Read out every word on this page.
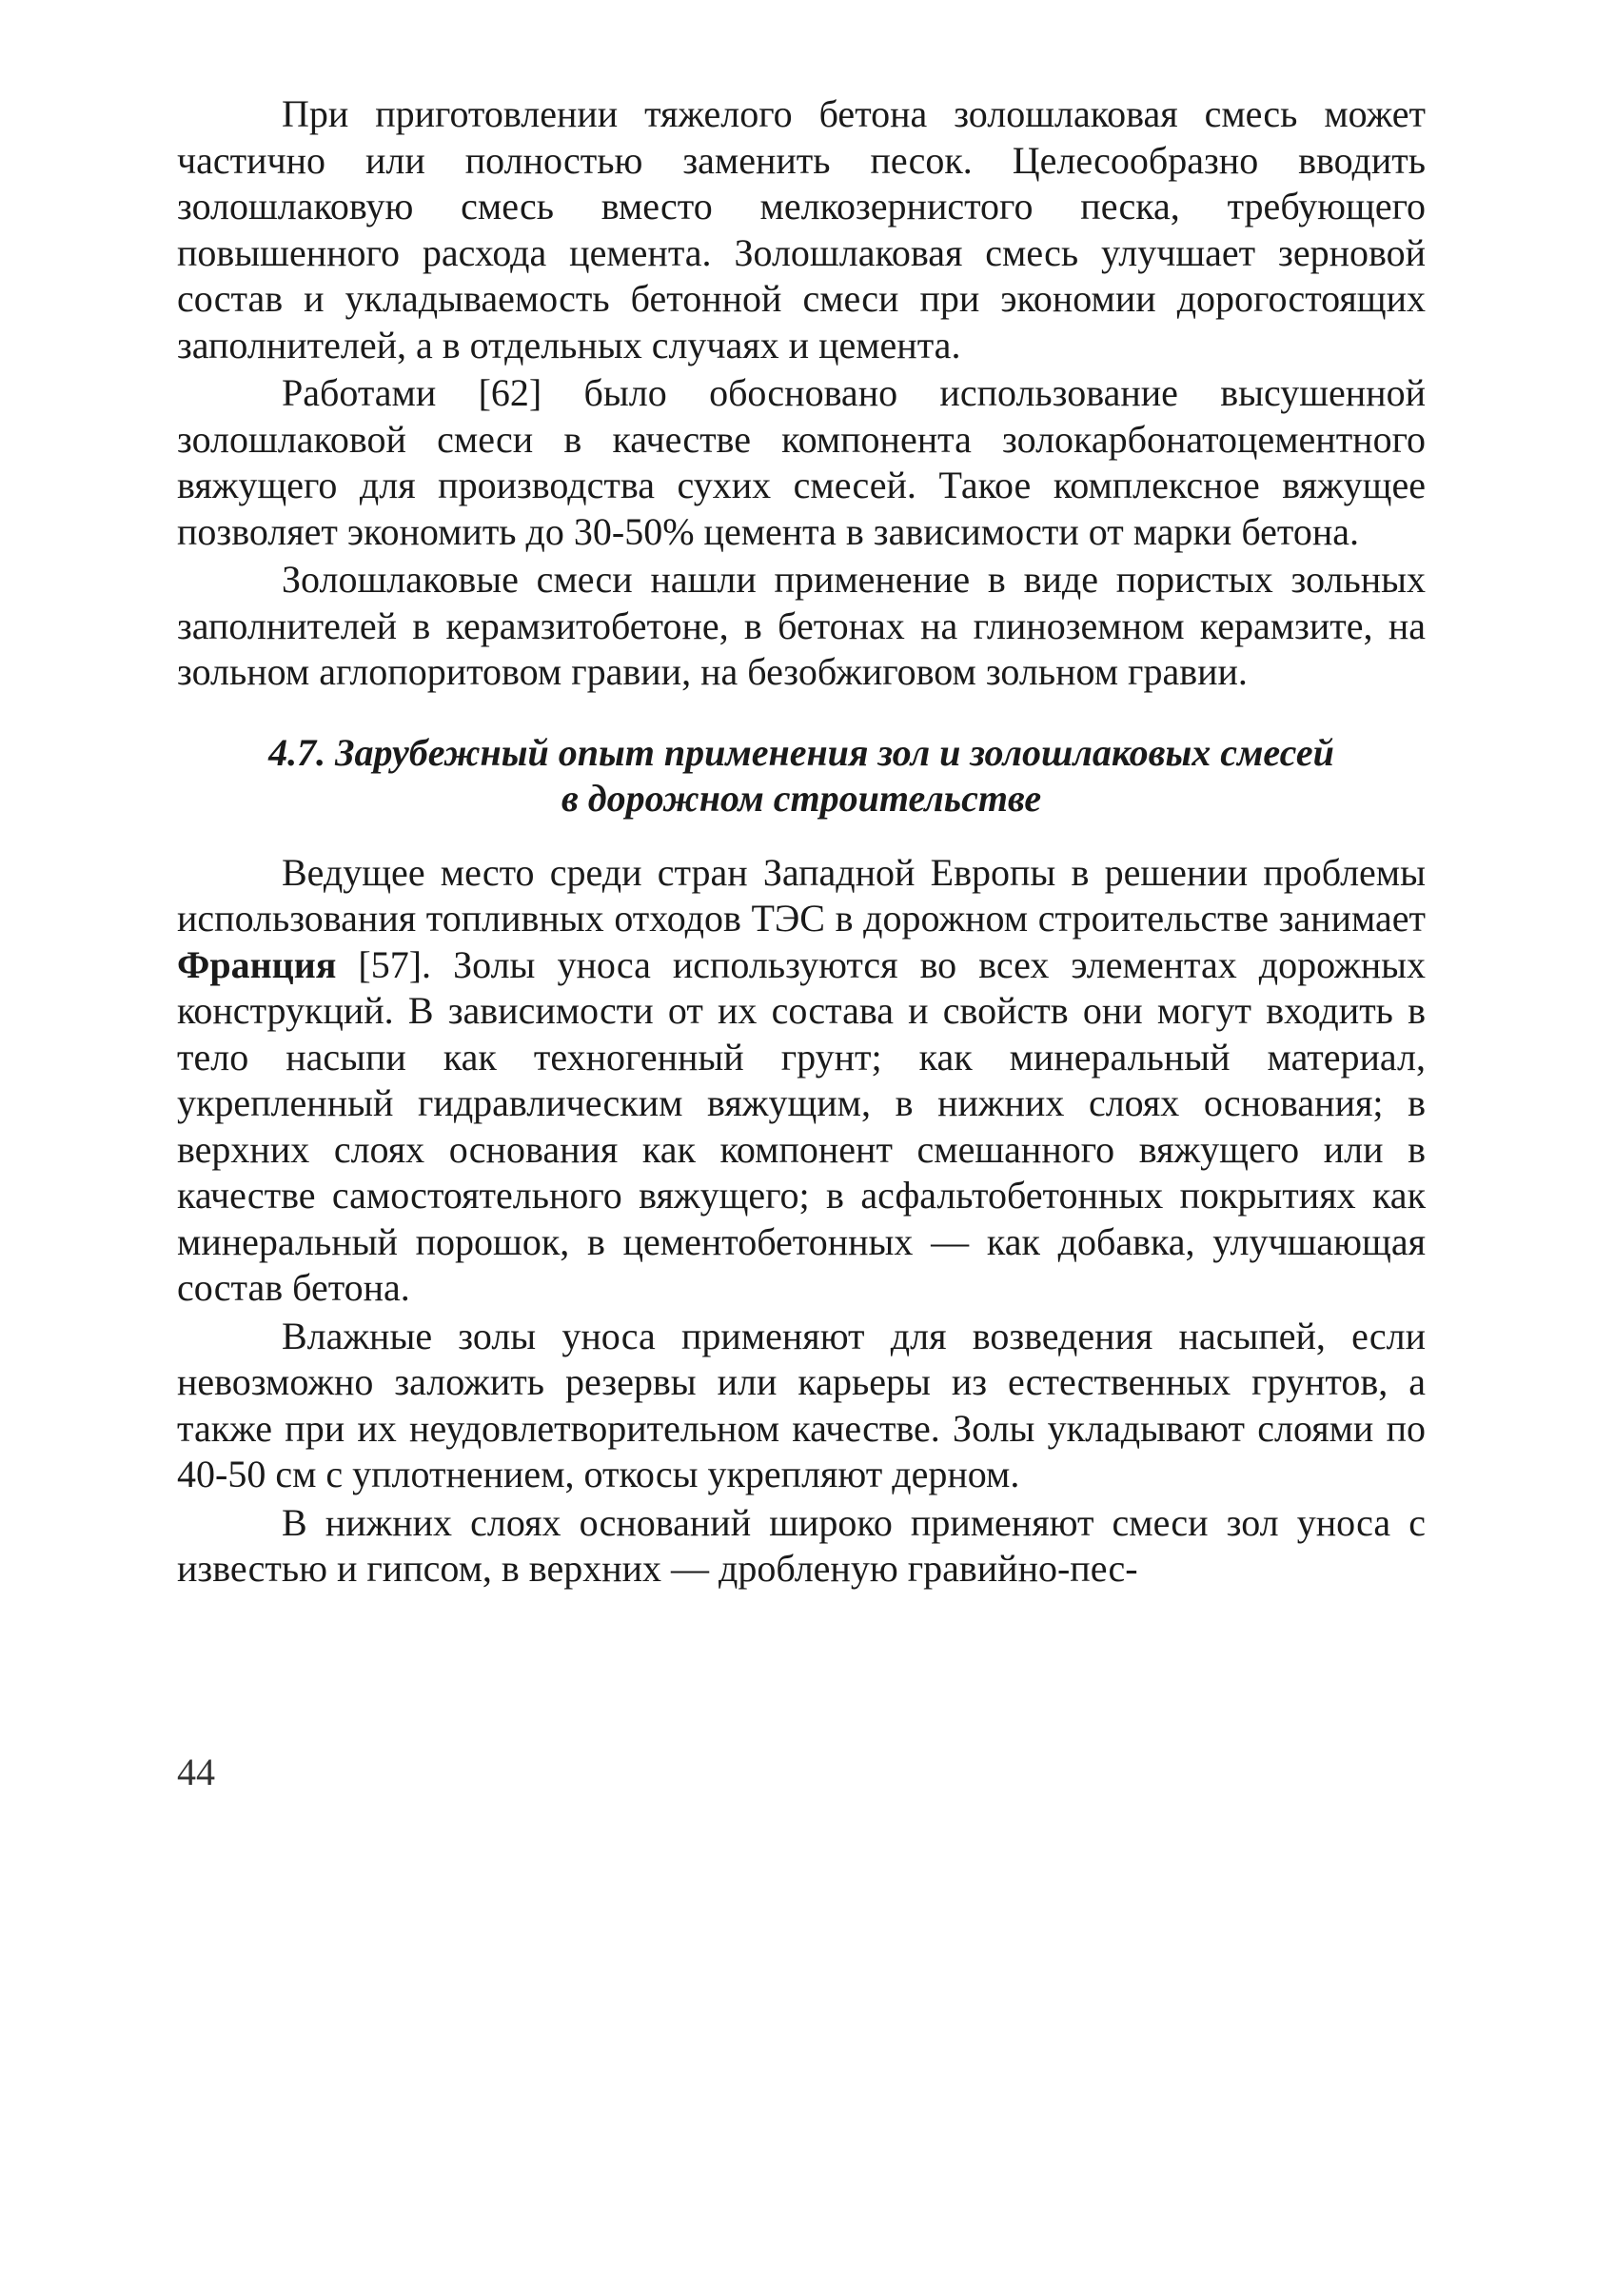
При приготовлении тяжелого бетона золошлаковая смесь может частично или полностью заменить песок. Целесообразно вводить золошлаковую смесь вместо мелкозернистого песка, требующего повышенного расхода цемента. Золошлаковая смесь улучшает зерновой состав и укладываемость бетонной смеси при экономии дорогостоящих заполнителей, а в отдельных случаях и цемента.

Работами [62] было обосновано использование высушенной золошлаковой смеси в качестве компонента золокарбонатоцементного вяжущего для производства сухих смесей. Такое комплексное вяжущее позволяет экономить до 30-50% цемента в зависимости от марки бетона.

Золошлаковые смеси нашли применение в виде пористых зольных заполнителей в керамзитобетоне, в бетонах на глиноземном керамзите, на зольном аглопоритовом гравии, на безобжиговом зольном гравии.

4.7. Зарубежный опыт применения зол и золошлаковых смесей
в дорожном строительстве

Ведущее место среди стран Западной Европы в решении проблемы использования топливных отходов ТЭС в дорожном строительстве занимает Франция [57]. Золы уноса используются во всех элементах дорожных конструкций. В зависимости от их состава и свойств они могут входить в тело насыпи как техногенный грунт; как минеральный материал, укрепленный гидравлическим вяжущим, в нижних слоях основания; в верхних слоях основания как компонент смешанного вяжущего или в качестве самостоятельного вяжущего; в асфальтобетонных покрытиях как минеральный порошок, в цементобетонных — как добавка, улучшающая состав бетона.

Влажные золы уноса применяют для возведения насыпей, если невозможно заложить резервы или карьеры из естественных грунтов, а также при их неудовлетворительном качестве. Золы укладывают слоями по 40-50 см с уплотнением, откосы укрепляют дерном.

В нижних слоях оснований широко применяют смеси зол уноса с известью и гипсом, в верхних — дробленую гравийно-пес-

44
